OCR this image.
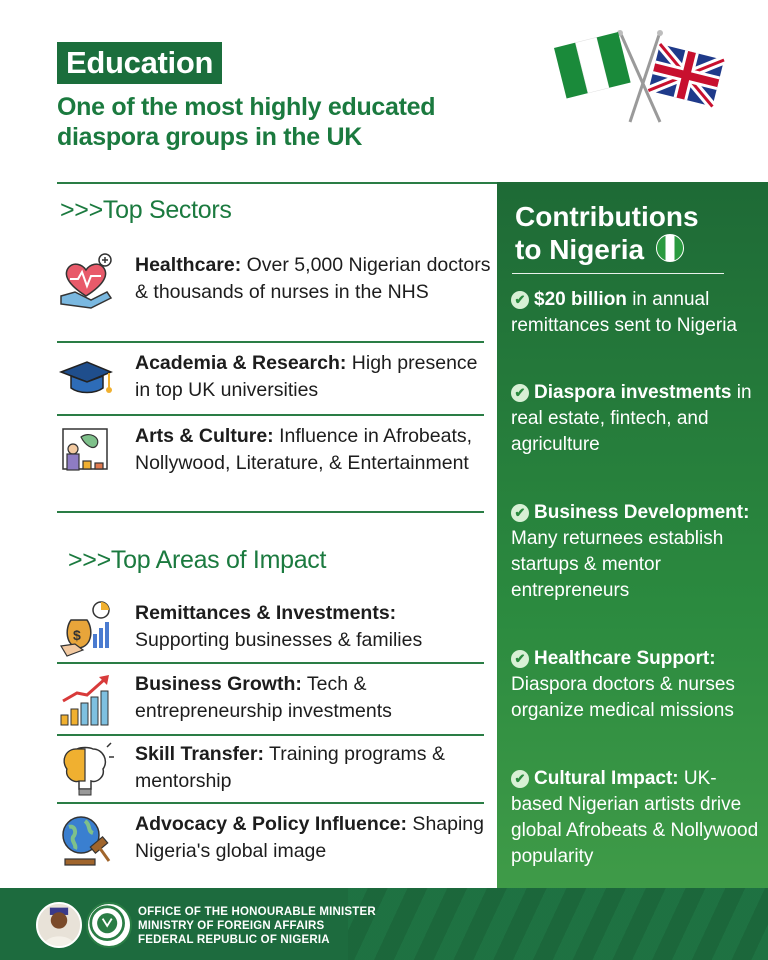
Education
One of the most highly educated diaspora groups in the UK
>>>Top Sectors
Healthcare: Over 5,000 Nigerian doctors & thousands of nurses in the NHS
Academia & Research: High presence in top UK universities
Arts & Culture: Influence in Afrobeats, Nollywood, Literature, & Entertainment
>>>Top Areas of Impact
$
Remittances & Investments: Supporting businesses & families
Business Growth: Tech & entrepreneurship investments
Skill Transfer: Training programs & mentorship
Advocacy & Policy Influence: Shaping Nigeria's global image
Contributions
to Nigeria
✔ $20 billion in annual remittances sent to Nigeria
✔ Diaspora investments in real estate, fintech, and agriculture
✔ Business Development: Many returnees establish startups & mentor entrepreneurs
✔ Healthcare Support: Diaspora doctors & nurses organize medical missions
✔ Cultural Impact: UK-based Nigerian artists drive global Afrobeats & Nollywood popularity
OFFICE OF THE HONOURABLE MINISTER
MINISTRY OF FOREIGN AFFAIRS
FEDERAL REPUBLIC OF NIGERIA
